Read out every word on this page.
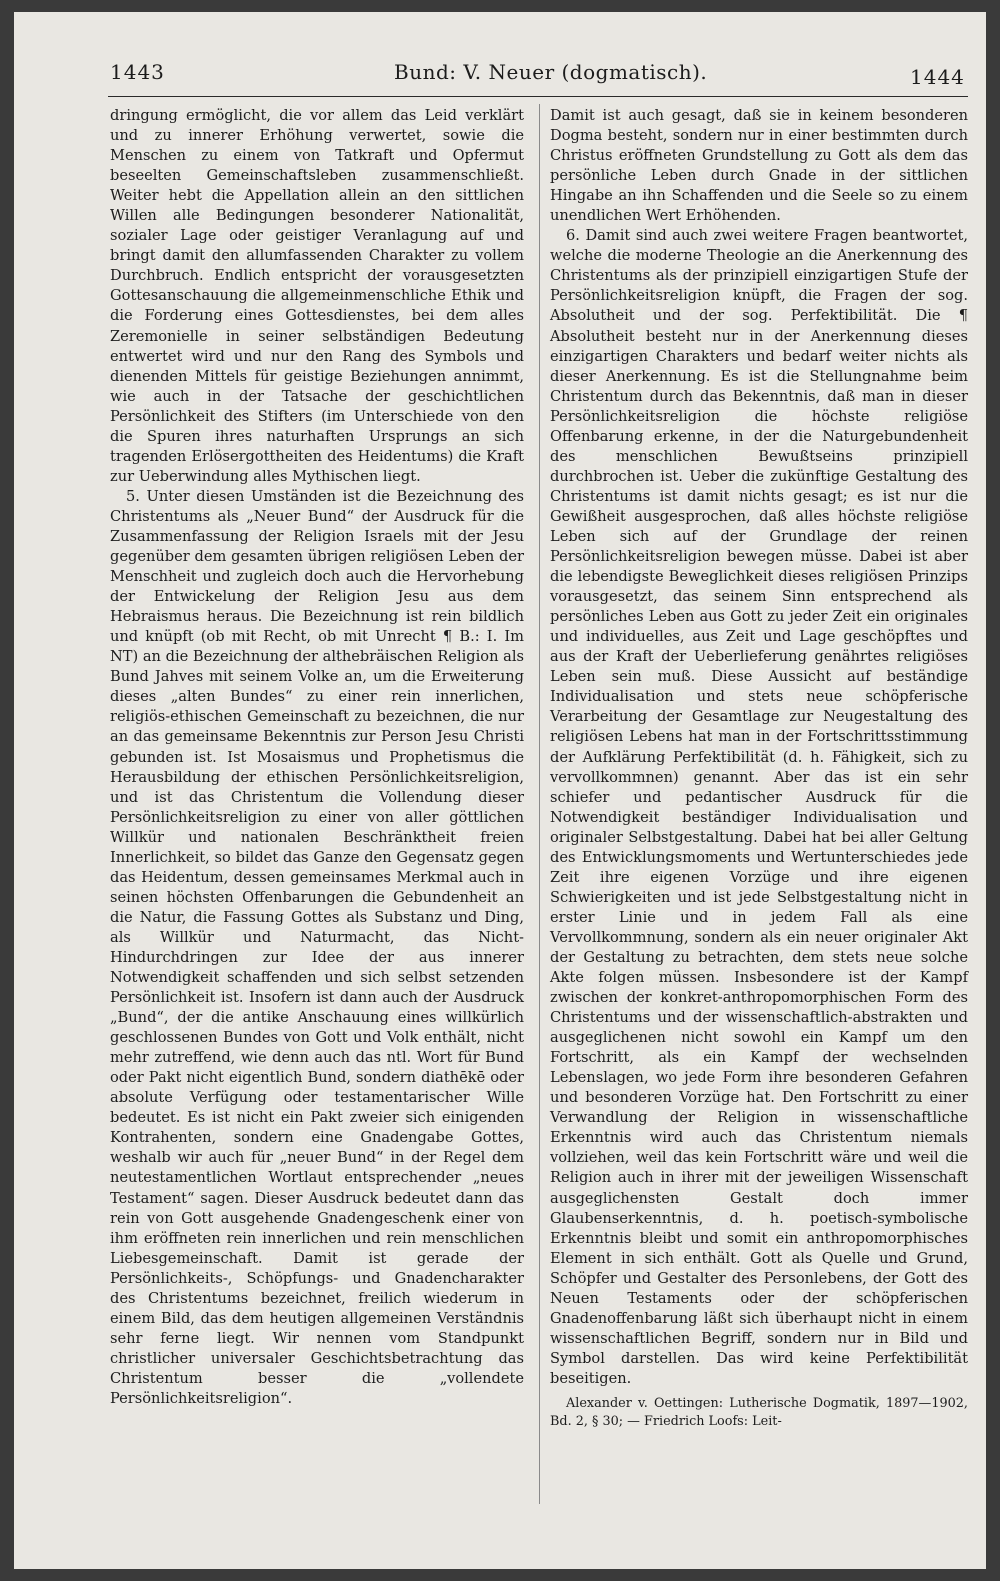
1443	Bund: V. Neuer (dogmatisch).	1444

dringung ermöglicht, die vor allem das Leid verklärt und zu innerer Erhöhung verwertet, sowie die Menschen zu einem von Tatkraft und Opfermut beseelten Gemeinschaftsleben zusammenschließt. Weiter hebt die Appellation allein an den sittlichen Willen alle Bedingungen besonderer Nationalität, sozialer Lage oder geistiger Veranlagung auf und bringt damit den allumfassenden Charakter zu vollem Durchbruch. Endlich entspricht der vorausgesetzten Gottesanschauung die allgemeinmenschliche Ethik und die Forderung eines Gottesdienstes, bei dem alles Zeremonielle in seiner selbständigen Bedeutung entwertet wird und nur den Rang des Symbols und dienenden Mittels für geistige Beziehungen annimmt, wie auch in der Tatsache der geschichtlichen Persönlichkeit des Stifters (im Unterschiede von den die Spuren ihres naturhaften Ursprungs an sich tragenden Erlösergottheiten des Heidentums) die Kraft zur Ueberwindung alles Mythischen liegt.

5. Unter diesen Umständen ist die Bezeichnung des Christentums als „Neuer Bund“ der Ausdruck für die Zusammenfassung der Religion Israels mit der Jesu gegenüber dem gesamten übrigen religiösen Leben der Menschheit und zugleich doch auch die Hervorhebung der Entwickelung der Religion Jesu aus dem Hebraismus heraus. Die Bezeichnung ist rein bildlich und knüpft (ob mit Recht, ob mit Unrecht ¶ B.: I. Im NT) an die Bezeichnung der althebräischen Religion als Bund Jahves mit seinem Volke an, um die Erweiterung dieses „alten Bundes“ zu einer rein innerlichen, religiös-ethischen Gemeinschaft zu bezeichnen, die nur an das gemeinsame Bekenntnis zur Person Jesu Christi gebunden ist. Ist Mosaismus und Prophetismus die Herausbildung der ethischen Persönlichkeitsreligion, und ist das Christentum die Vollendung dieser Persönlichkeitsreligion zu einer von aller göttlichen Willkür und nationalen Beschränktheit freien Innerlichkeit, so bildet das Ganze den Gegensatz gegen das Heidentum, dessen gemeinsames Merkmal auch in seinen höchsten Offenbarungen die Gebundenheit an die Natur, die Fassung Gottes als Substanz und Ding, als Willkür und Naturmacht, das Nicht-Hindurchdringen zur Idee der aus innerer Notwendigkeit schaffenden und sich selbst setzenden Persönlichkeit ist. Insofern ist dann auch der Ausdruck „Bund“, der die antike Anschauung eines willkürlich geschlossenen Bundes von Gott und Volk enthält, nicht mehr zutreffend, wie denn auch das ntl. Wort für Bund oder Pakt nicht eigentlich Bund, sondern diathēkē oder absolute Verfügung oder testamentarischer Wille bedeutet. Es ist nicht ein Pakt zweier sich einigenden Kontrahenten, sondern eine Gnadengabe Gottes, weshalb wir auch für „neuer Bund“ in der Regel dem neutestamentlichen Wortlaut entsprechender „neues Testament“ sagen. Dieser Ausdruck bedeutet dann das rein von Gott ausgehende Gnadengeschenk einer von ihm eröffneten rein innerlichen und rein menschlichen Liebesgemeinschaft. Damit ist gerade der Persönlichkeits-, Schöpfungs- und Gnadencharakter des Christentums bezeichnet, freilich wiederum in einem Bild, das dem heutigen allgemeinen Verständnis sehr ferne liegt. Wir nennen vom Standpunkt christlicher universaler Geschichtsbetrachtung das Christentum besser die „vollendete Persönlichkeitsreligion“.

Damit ist auch gesagt, daß sie in keinem besonderen Dogma besteht, sondern nur in einer bestimmten durch Christus eröffneten Grundstellung zu Gott als dem das persönliche Leben durch Gnade in der sittlichen Hingabe an ihn Schaffenden und die Seele so zu einem unendlichen Wert Erhöhenden.

6. Damit sind auch zwei weitere Fragen beantwortet, welche die moderne Theologie an die Anerkennung des Christentums als der prinzipiell einzigartigen Stufe der Persönlichkeitsreligion knüpft, die Fragen der sog. Absolutheit und der sog. Perfektibilität. Die ¶ Absolutheit besteht nur in der Anerkennung dieses einzigartigen Charakters und bedarf weiter nichts als dieser Anerkennung. Es ist die Stellungnahme beim Christentum durch das Bekenntnis, daß man in dieser Persönlichkeitsreligion die höchste religiöse Offenbarung erkenne, in der die Naturgebundenheit des menschlichen Bewußtseins prinzipiell durchbrochen ist. Ueber die zukünftige Gestaltung des Christentums ist damit nichts gesagt; es ist nur die Gewißheit ausgesprochen, daß alles höchste religiöse Leben sich auf der Grundlage der reinen Persönlichkeitsreligion bewegen müsse. Dabei ist aber die lebendigste Beweglichkeit dieses religiösen Prinzips vorausgesetzt, das seinem Sinn entsprechend als persönliches Leben aus Gott zu jeder Zeit ein originales und individuelles, aus Zeit und Lage geschöpftes und aus der Kraft der Ueberlieferung genährtes religiöses Leben sein muß. Diese Aussicht auf beständige Individualisation und stets neue schöpferische Verarbeitung der Gesamtlage zur Neugestaltung des religiösen Lebens hat man in der Fortschrittsstimmung der Aufklärung Perfektibilität (d. h. Fähigkeit, sich zu vervollkommnen) genannt. Aber das ist ein sehr schiefer und pedantischer Ausdruck für die Notwendigkeit beständiger Individualisation und originaler Selbstgestaltung. Dabei hat bei aller Geltung des Entwicklungsmoments und Wertunterschiedes jede Zeit ihre eigenen Vorzüge und ihre eigenen Schwierigkeiten und ist jede Selbstgestaltung nicht in erster Linie und in jedem Fall als eine Vervollkommnung, sondern als ein neuer originaler Akt der Gestaltung zu betrachten, dem stets neue solche Akte folgen müssen. Insbesondere ist der Kampf zwischen der konkret-anthropomorphischen Form des Christentums und der wissenschaftlich-abstrakten und ausgeglichenen nicht sowohl ein Kampf um den Fortschritt, als ein Kampf der wechselnden Lebenslagen, wo jede Form ihre besonderen Gefahren und besonderen Vorzüge hat. Den Fortschritt zu einer Verwandlung der Religion in wissenschaftliche Erkenntnis wird auch das Christentum niemals vollziehen, weil das kein Fortschritt wäre und weil die Religion auch in ihrer mit der jeweiligen Wissenschaft ausgeglichensten Gestalt doch immer Glaubenserkenntnis, d. h. poetisch-symbolische Erkenntnis bleibt und somit ein anthropomorphisches Element in sich enthält. Gott als Quelle und Grund, Schöpfer und Gestalter des Personlebens, der Gott des Neuen Testaments oder der schöpferischen Gnadenoffenbarung läßt sich überhaupt nicht in einem wissenschaftlichen Begriff, sondern nur in Bild und Symbol darstellen. Das wird keine Perfektibilität beseitigen.

Alexander v. Oettingen: Lutherische Dogmatik, 1897—1902, Bd. 2, § 30; — Friedrich Loofs: Leit-
